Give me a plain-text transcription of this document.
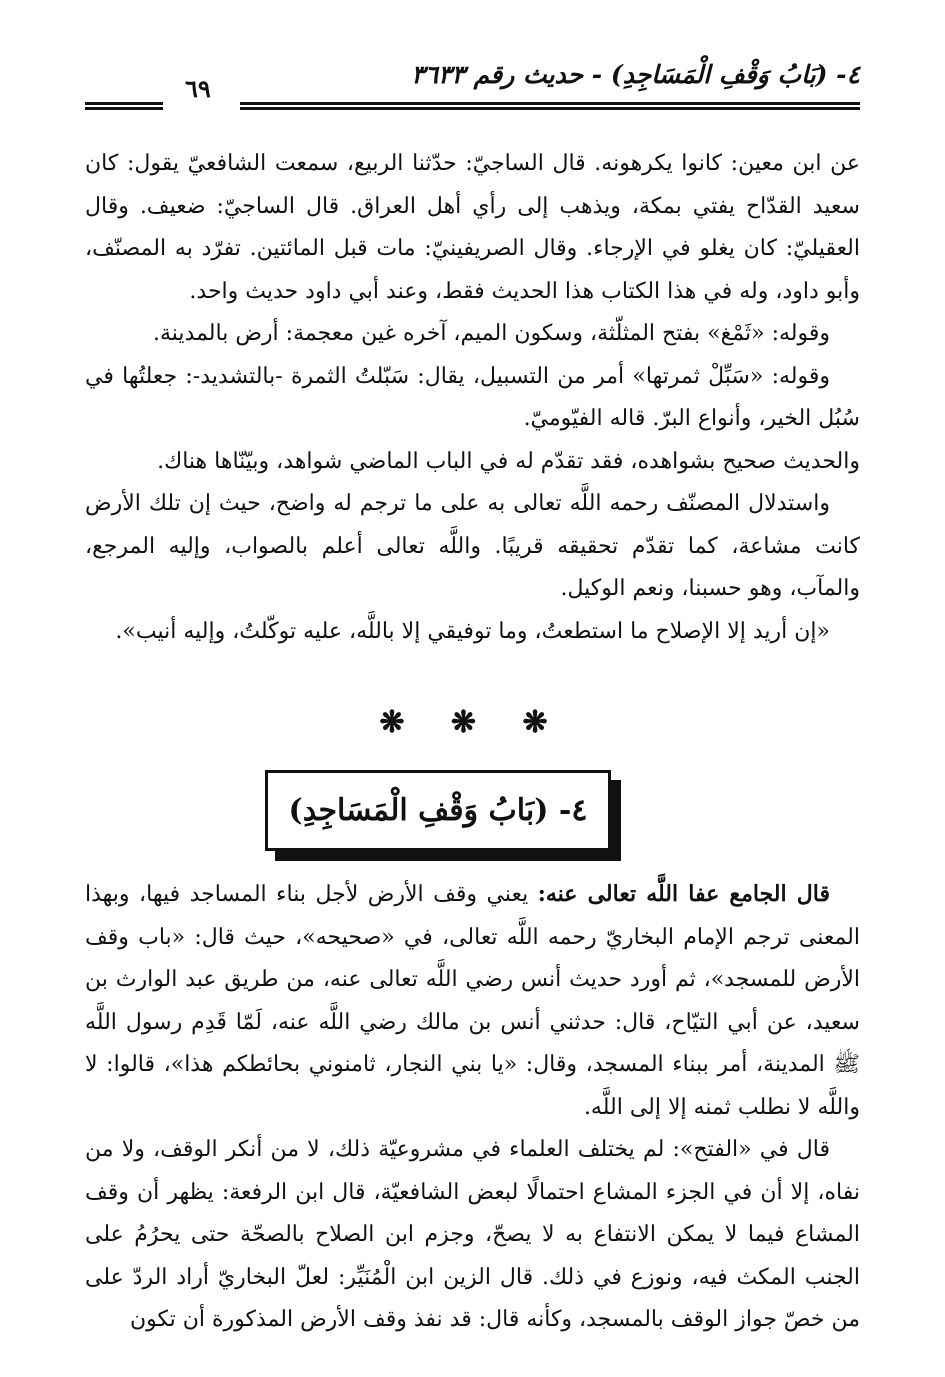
٤- (بَابُ وَقْفِ الْمَسَاجِدِ) - حديث رقم ٣٦٣٣
٦٩

عن ابن معين: كانوا يكرهونه. قال الساجيّ: حدّثنا الربيع، سمعت الشافعيّ يقول: كان سعيد القدّاح يفتي بمكة، ويذهب إلى رأي أهل العراق. قال الساجيّ: ضعيف. وقال العقيليّ: كان يغلو في الإرجاء. وقال الصريفينيّ: مات قبل المائتين. تفرّد به المصنّف، وأبو داود، وله في هذا الكتاب هذا الحديث فقط، وعند أبي داود حديث واحد.

وقوله: «ثَمْغ» بفتح المثلّثة، وسكون الميم، آخره غين معجمة: أرض بالمدينة.

وقوله: «سَبِّلْ ثمرتها» أمر من التسبيل، يقال: سَبّلتُ الثمرة -بالتشديد-: جعلتُها في سُبُل الخير، وأنواع البرّ. قاله الفيّوميّ.

والحديث صحيح بشواهده، فقد تقدّم له في الباب الماضي شواهد، وبيّنّاها هناك.

واستدلال المصنّف رحمه اللَّه تعالى به على ما ترجم له واضح، حيث إن تلك الأرض كانت مشاعة، كما تقدّم تحقيقه قريبًا. واللَّه تعالى أعلم بالصواب، وإليه المرجع، والمآب، وهو حسبنا، ونعم الوكيل.

«إن أريد إلا الإصلاح ما استطعتُ، وما توفيقي إلا باللَّه، عليه توكّلتُ، وإليه أنيب».

❋ ❋ ❋
٤- (بَابُ وَقْفِ الْمَسَاجِدِ)

قال الجامع عفا اللَّه تعالى عنه: يعني وقف الأرض لأجل بناء المساجد فيها، وبهذا المعنى ترجم الإمام البخاريّ رحمه اللَّه تعالى، في «صحيحه»، حيث قال: «باب وقف الأرض للمسجد»، ثم أورد حديث أنس رضي اللَّه تعالى عنه، من طريق عبد الوارث بن سعيد، عن أبي التيّاح، قال: حدثني أنس بن مالك رضي اللَّه عنه، لَمّا قَدِم رسول اللَّه ﷺ المدينة، أمر ببناء المسجد، وقال: «يا بني النجار، ثامنوني بحائطكم هذا»، قالوا: لا واللَّه لا نطلب ثمنه إلا إلى اللَّه.

قال في «الفتح»: لم يختلف العلماء في مشروعيّة ذلك، لا من أنكر الوقف، ولا من نفاه، إلا أن في الجزء المشاع احتمالًا لبعض الشافعيّة، قال ابن الرفعة: يظهر أن وقف المشاع فيما لا يمكن الانتفاع به لا يصحّ، وجزم ابن الصلاح بالصحّة حتى يحرُمُ على الجنب المكث فيه، ونوزع في ذلك. قال الزين ابن الْمُنَيِّر: لعلّ البخاريّ أراد الردّ على من خصّ جواز الوقف بالمسجد، وكأنه قال: قد نفذ وقف الأرض المذكورة أن تكون
